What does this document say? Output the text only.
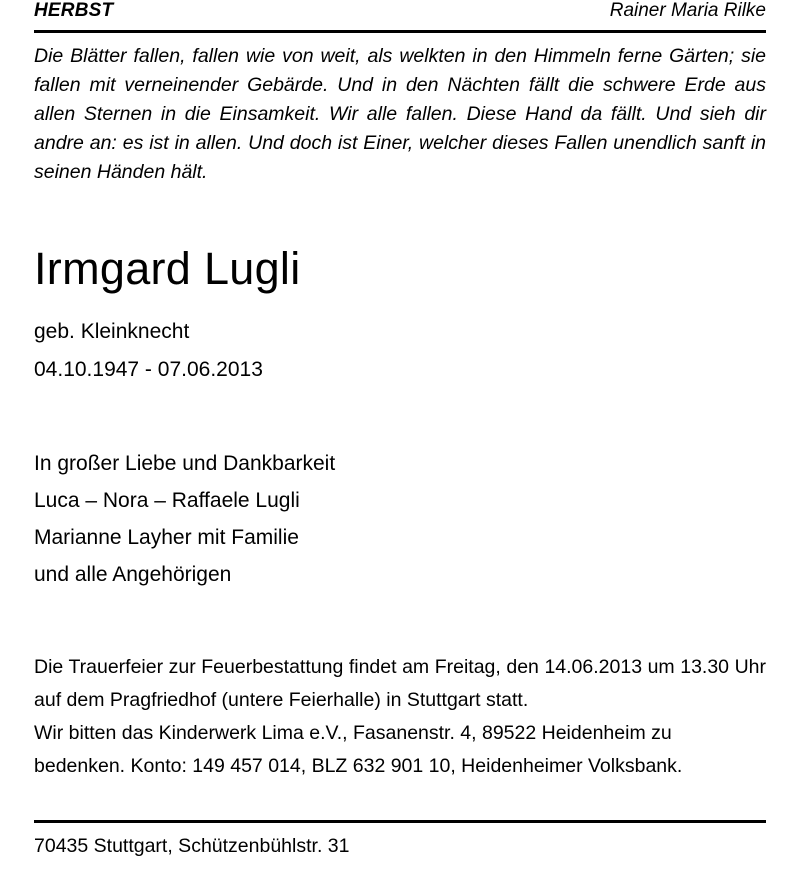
HERBST	Rainer Maria Rilke

Die Blätter fallen, fallen wie von weit, als welkten in den Himmeln ferne Gärten; sie fallen mit verneinender Gebärde. Und in den Nächten fällt die schwere Erde aus allen Sternen in die Einsamkeit. Wir alle fallen. Diese Hand da fällt. Und sieh dir andre an: es ist in allen. Und doch ist Einer, welcher dieses Fallen unendlich sanft in seinen Händen hält.

Irmgard Lugli
geb. Kleinknecht
04.10.1947 - 07.06.2013
In großer Liebe und Dankbarkeit
Luca – Nora – Raffaele Lugli
Marianne Layher mit Familie
und alle Angehörigen

Die Trauerfeier zur Feuerbestattung findet am Freitag, den 14.06.2013 um 13.30 Uhr auf dem Pragfriedhof (untere Feierhalle) in Stuttgart statt.

Wir bitten das Kinderwerk Lima e.V., Fasanenstr. 4, 89522 Heidenheim zu bedenken. Konto: 149 457 014, BLZ 632 901 10, Heidenheimer Volksbank.

70435 Stuttgart, Schützenbühlstr. 31
